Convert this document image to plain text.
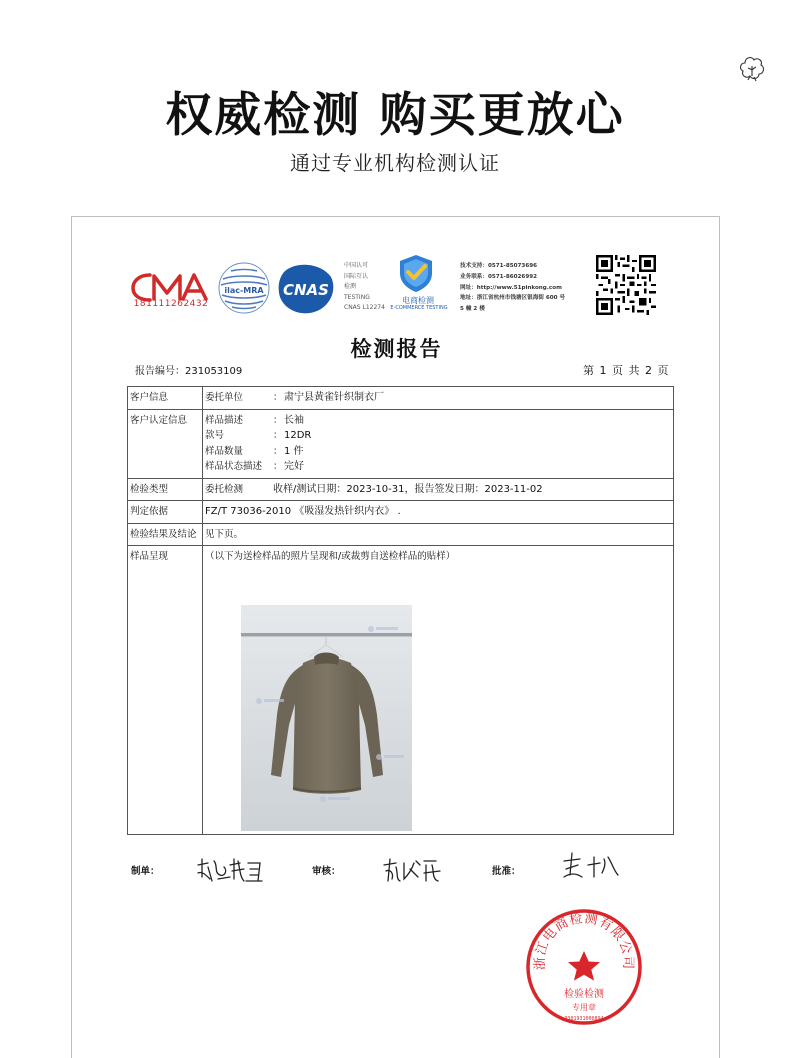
权威检测 购买更放心
通过专业机构检测认证
181111262432
ilac‑MRA CNAS
中国认可
国际互认
检测
TESTING
CNAS L12274
电商检测
E-COMMERCE TESTING
技术支持：0571-85073696
业务联系：0571-86026992
网址：http://www.51pinkong.com
地址：浙江省杭州市钱塘区银海街 600 号
5 幢 2 楼
检测报告
报告编号：231053109	第 1 页 共 2 页
客户信息	委托单位 ：肃宁县黄雀针织制衣厂
客户认定信息	样品描述 ：长袖
款号 ：12DR
样品数量 ：1 件
样品状态描述 ：完好

检验类型	委托检测 收样/测试日期：2023-10-31，报告签发日期：2023-11-02
判定依据	FZ/T 73036-2010 《吸湿发热针织内衣》 .
检验结果及结论	见下页。
样品呈现	（以下为送检样品的照片呈现和/或裁剪自送检样品的贴样）
制单：	审核：	批准：
浙江电商检测有限公司
检验检测
专用章
3301931000894
